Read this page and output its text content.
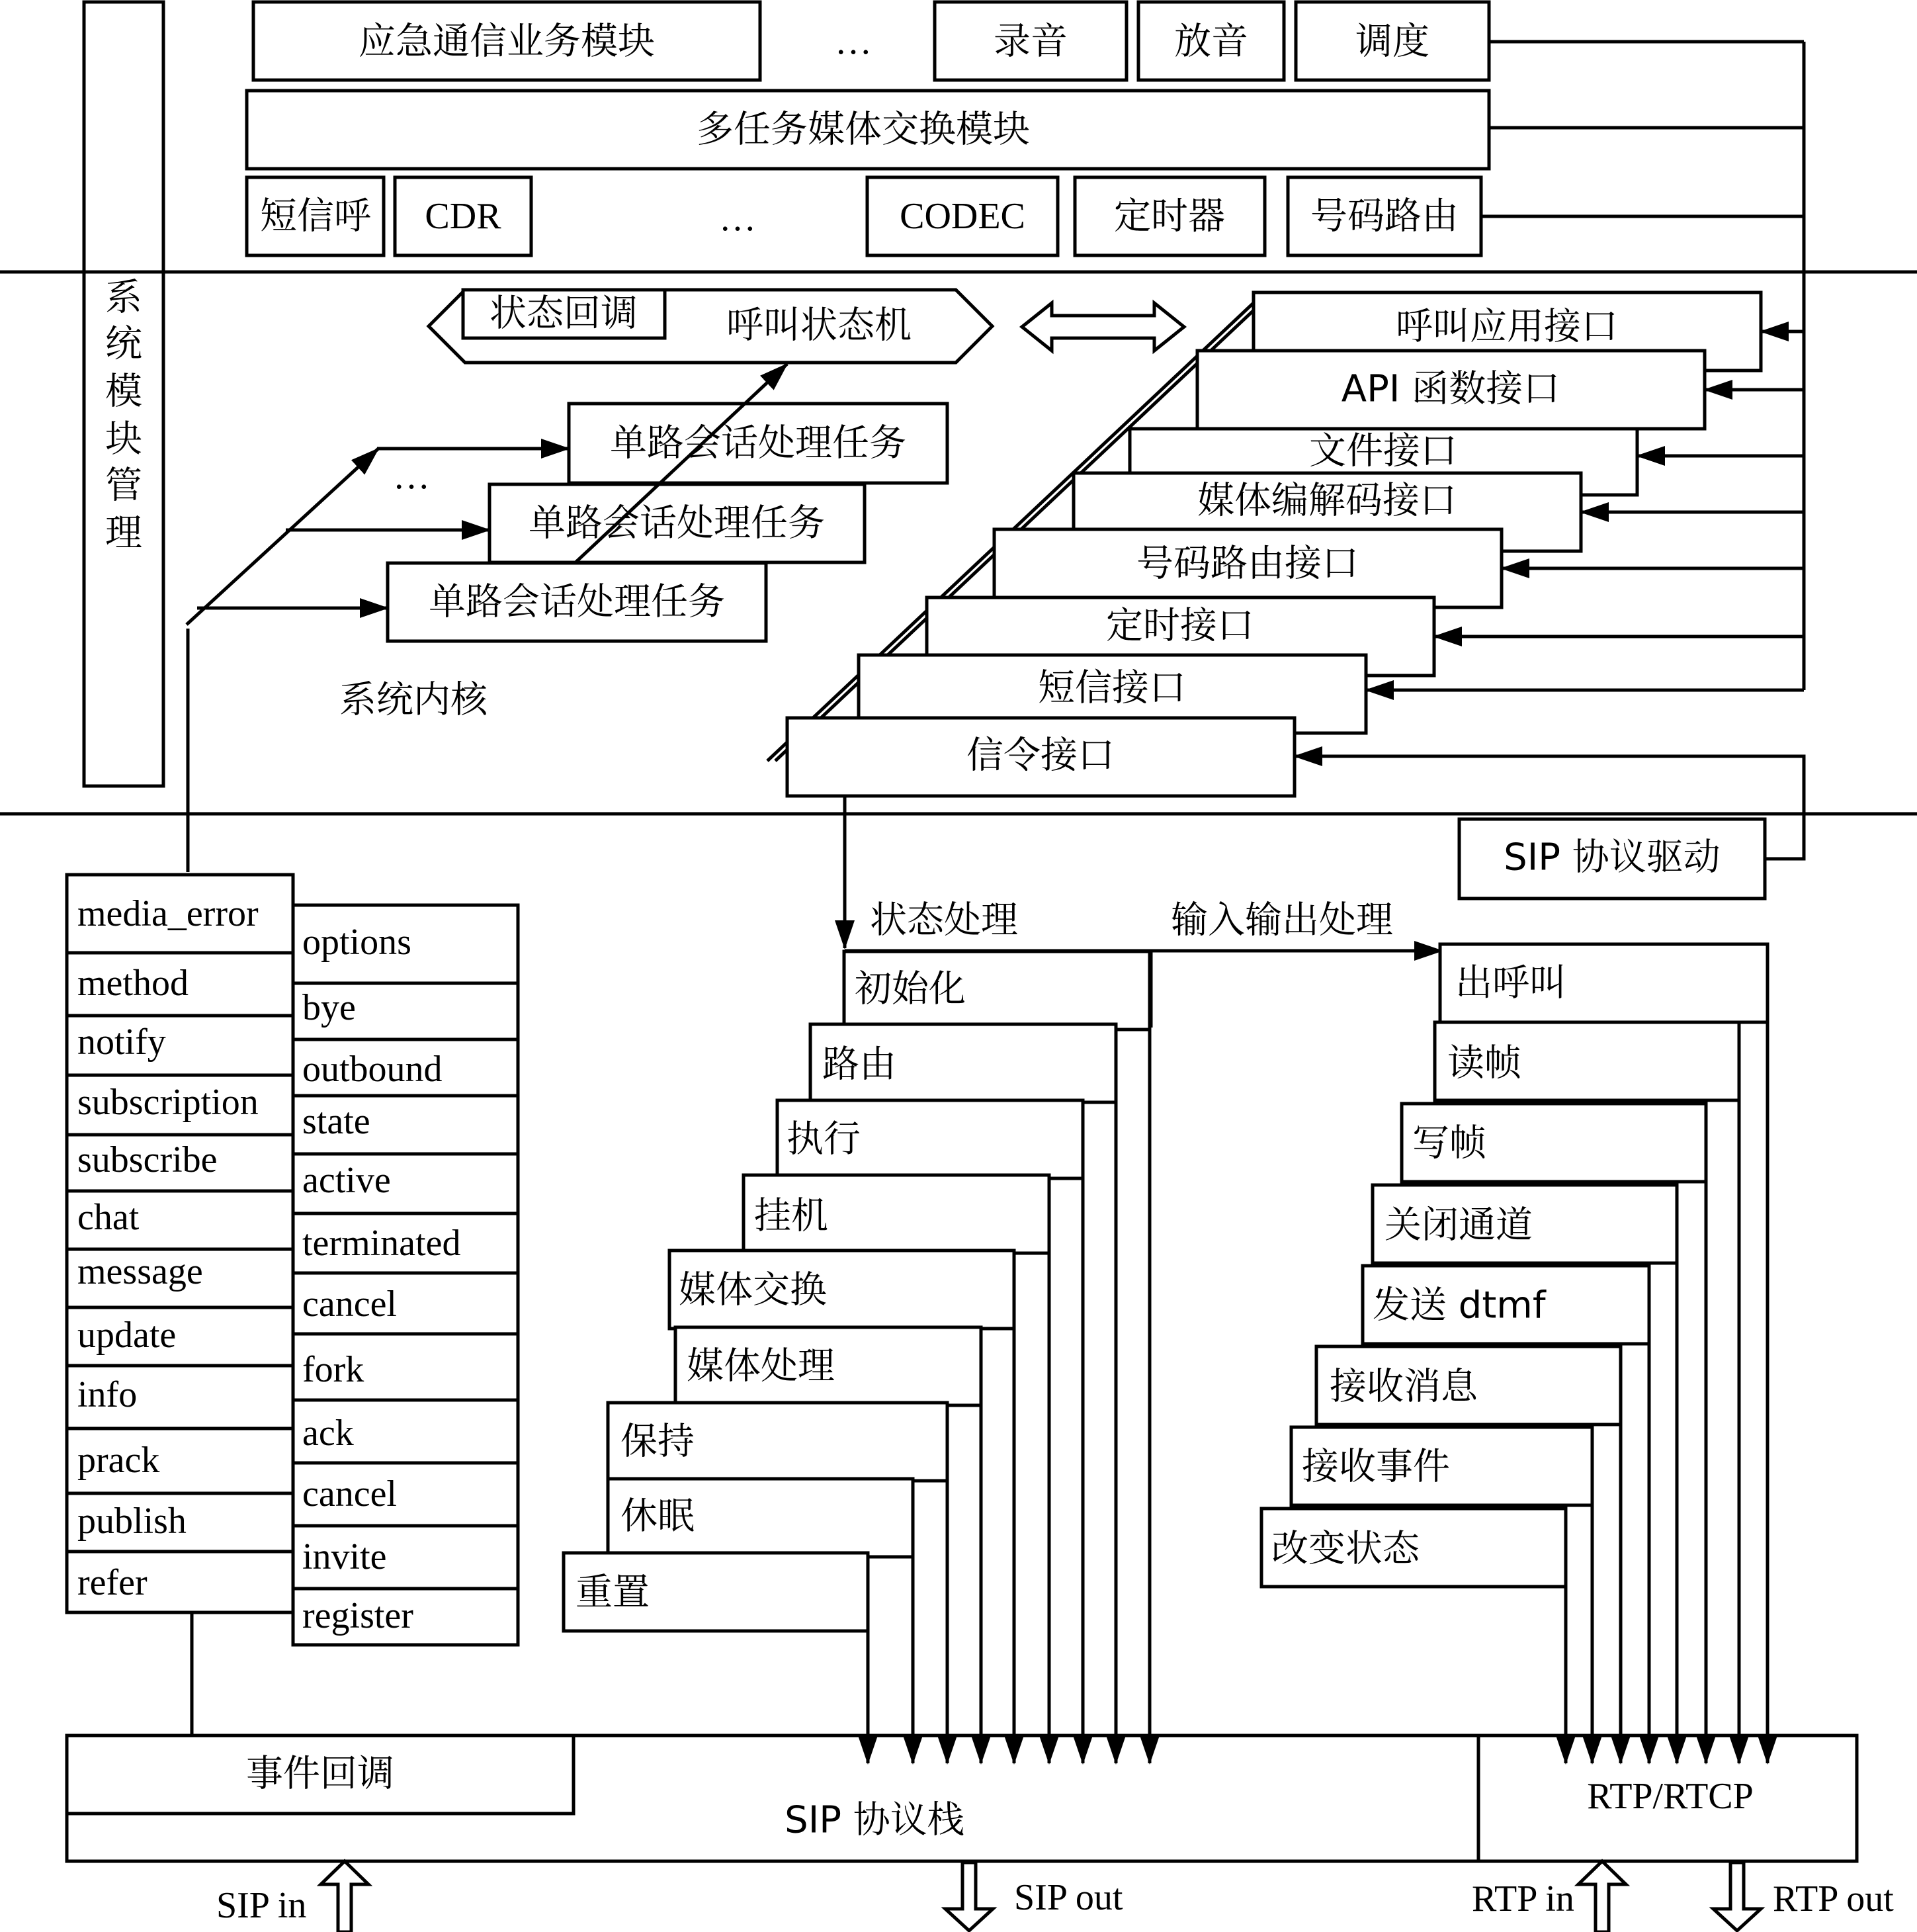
应急通信业务模块	…	录音	放音	调度
多任务媒体交换模块
短信呼 CDR	…	CODEC 定时器 号码路由
系
统
模
块
管
理
状态回调 呼叫状态机
单路会话处理任务
单路会话处理任务
单路会话处理任务
…
系统内核
呼叫应用接口
API 函数接口
文件接口
媒体编解码接口
号码路由接口
定时接口
短信接口
信令接口
SIP 协议驱动
状态处理	输入输出处理
事件回调
SIP 协议栈
RTP/RTCP
media_error
method
notify
subscription
subscribe
chat
message
update
info
prack
publish
refer
options
bye
outbound
state
active
terminated
cancel
fork
ack
cancel
invite
register
初始化
路由
执行
挂机
媒体交换
媒体处理
保持
休眠
重置
出呼叫
读帧
写帧
关闭通道
发送 dtmf
接收消息
接收事件
改变状态
SIP in	SIP out	RTP in	RTP out
